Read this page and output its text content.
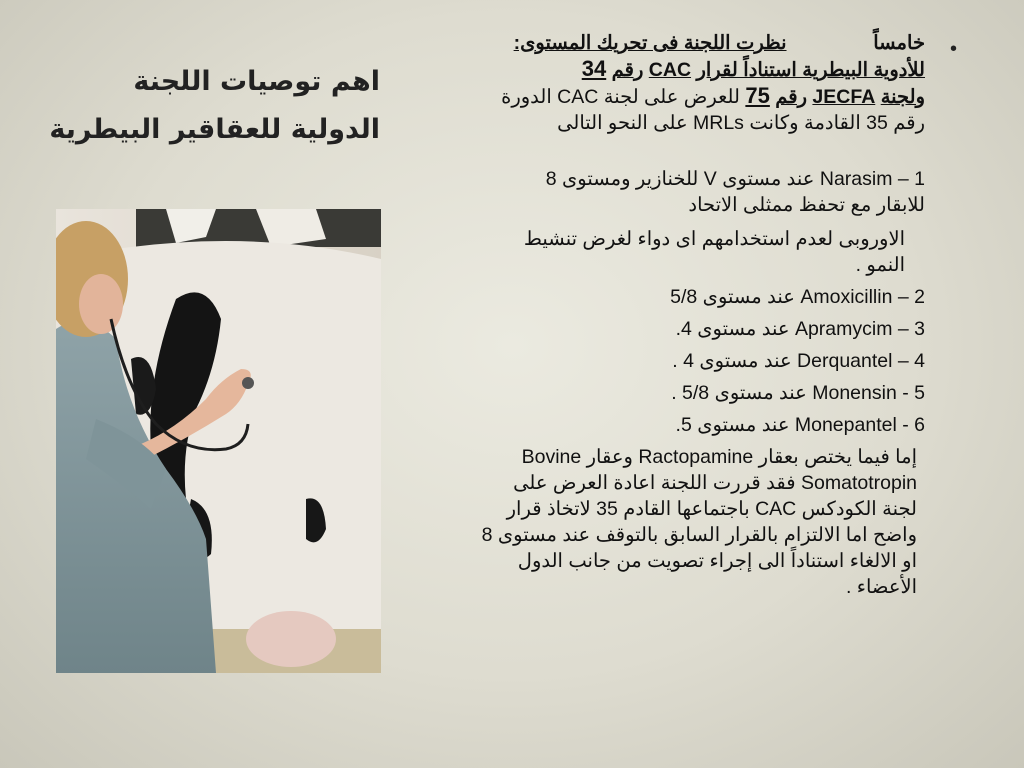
اهم توصيات اللجنة
الدولية للعقاقير البيطرية
•

خامساًَ                نظرت اللجنة فى تحريك المستوى:
للأدوية البيطرية استناداً لقرار CAC رقم 34
ولجنة JECFA رقم 75 للعرض على لجنة CAC الدورة
رقم 35 القادمة وكانت MRLs على النحو التالى

1 – Narasim عند مستوى V للخنازير ومستوى 8
للابقار مع تحفظ ممثلى الاتحاد

الاوروبى لعدم استخدامهم اى دواء لغرض تنشيط
النمو .

2 – Amoxicillin عند مستوى 5/8

3 – Apramycim عند مستوى 4.

4 – Derquantel عند مستوى 4 .

5 - Monensin عند مستوى 5/8 .

6 - Monepantel عند مستوى 5.

إما فيما يختص بعقار Ractopamine وعقار Bovine
Somatotropin فقد قررت اللجنة اعادة العرض على
لجنة الكودكس CAC باجتماعها القادم 35 لاتخاذ قرار
واضح اما الالتزام بالقرار السابق بالتوقف عند مستوى 8
او الالغاء استناداً الى إجراء تصويت من جانب الدول
الأعضاء .
